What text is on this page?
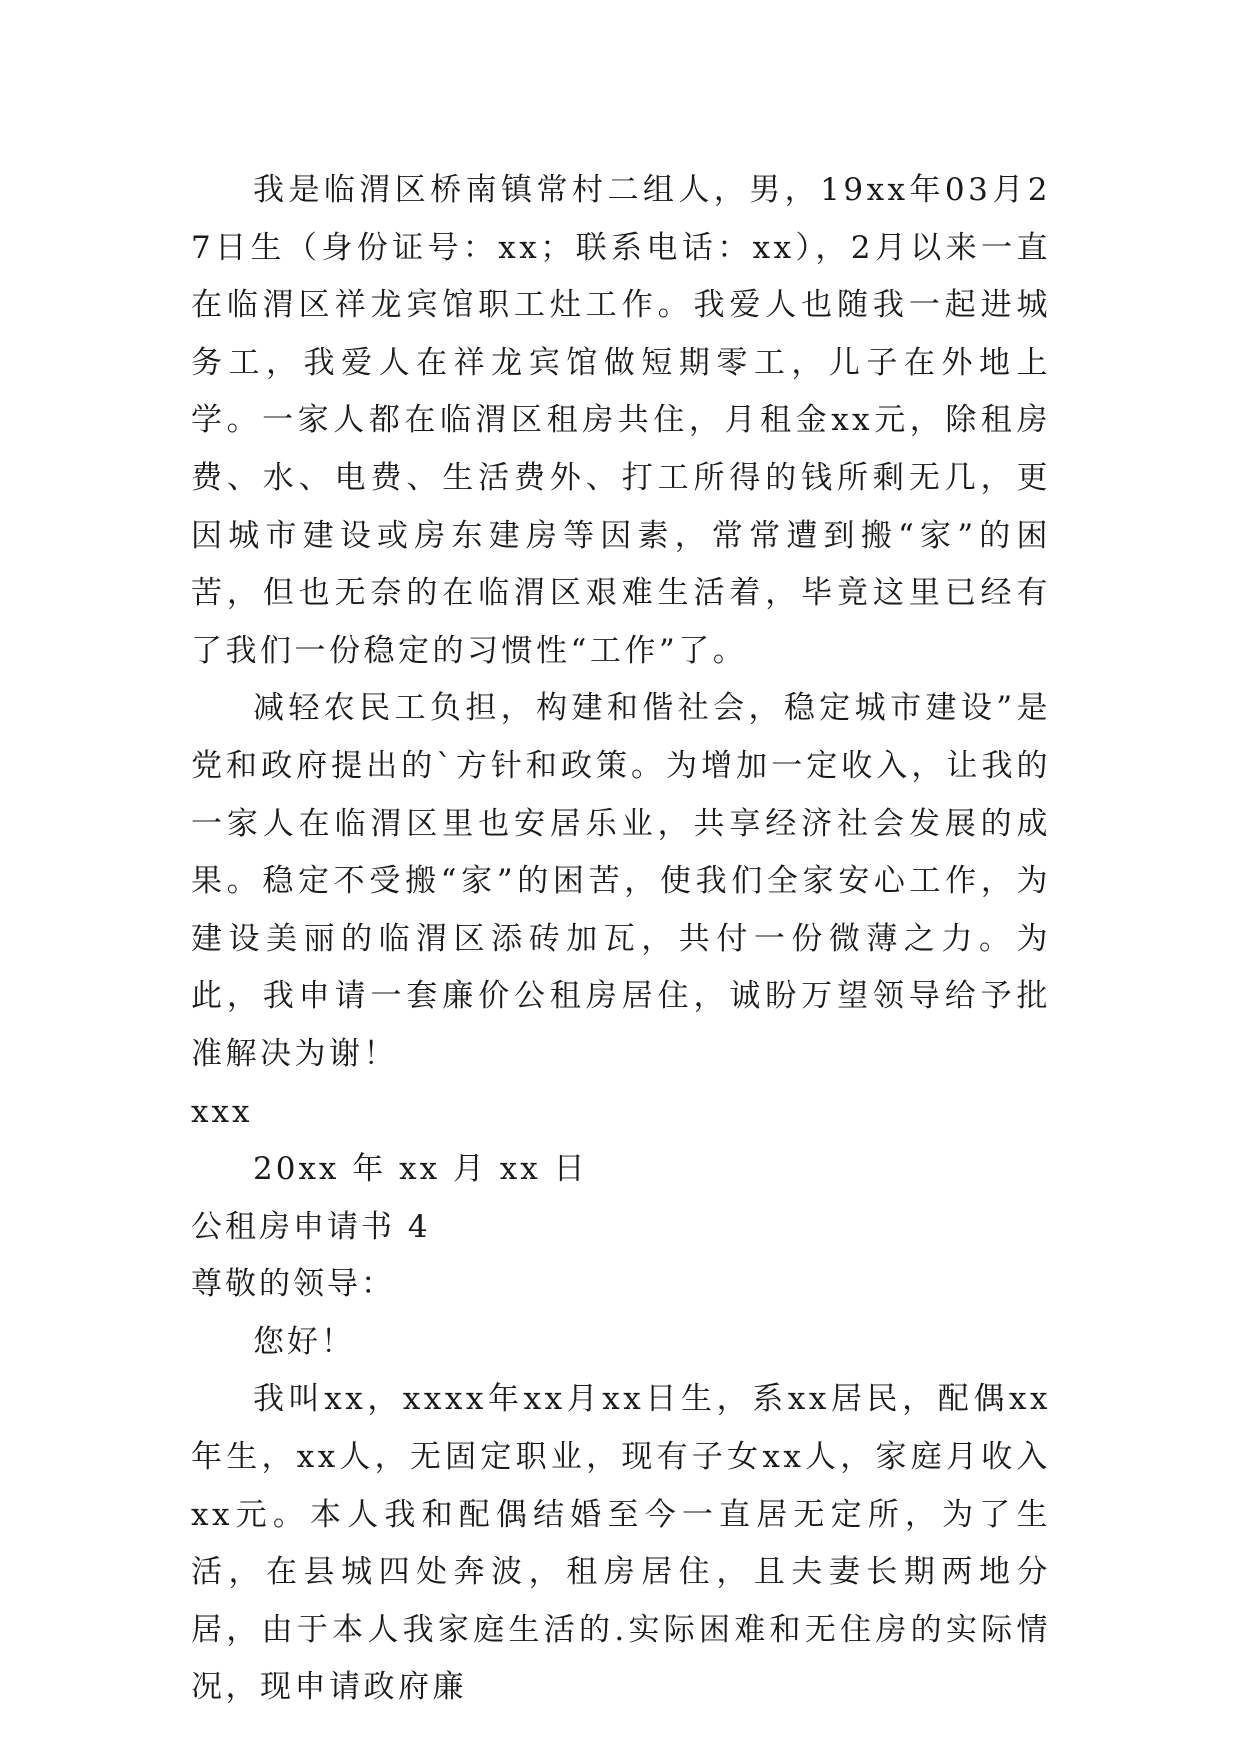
我是临渭区桥南镇常村二组人，男，19xx年03月27日生（身份证号：xx；联系电话：xx），2月以来一直在临渭区祥龙宾馆职工灶工作。我爱人也随我一起进城务工，我爱人在祥龙宾馆做短期零工，儿子在外地上学。一家人都在临渭区租房共住，月租金xx元，除租房费、水、电费、生活费外、打工所得的钱所剩无几，更因城市建设或房东建房等因素，常常遭到搬“家”的困苦，但也无奈的在临渭区艰难生活着，毕竟这里已经有了我们一份稳定的习惯性“工作”了。

减轻农民工负担，构建和偕社会，稳定城市建设”是党和政府提出的`方针和政策。为增加一定收入，让我的一家人在临渭区里也安居乐业，共享经济社会发展的成果。稳定不受搬“家”的困苦，使我们全家安心工作，为建设美丽的临渭区添砖加瓦，共付一份微薄之力。为此，我申请一套廉价公租房居住，诚盼万望领导给予批准解决为谢！

xxx

20xx 年 xx 月 xx 日

公租房申请书 4

尊敬的领导：

您好！

我叫xx，xxxx年xx月xx日生，系xx居民，配偶xx年生，xx人，无固定职业，现有子女xx人，家庭月收入xx元。本人我和配偶结婚至今一直居无定所，为了生活，在县城四处奔波，租房居住，且夫妻长期两地分居，由于本人我家庭生活的.实际困难和无住房的实际情况，现申请政府廉
